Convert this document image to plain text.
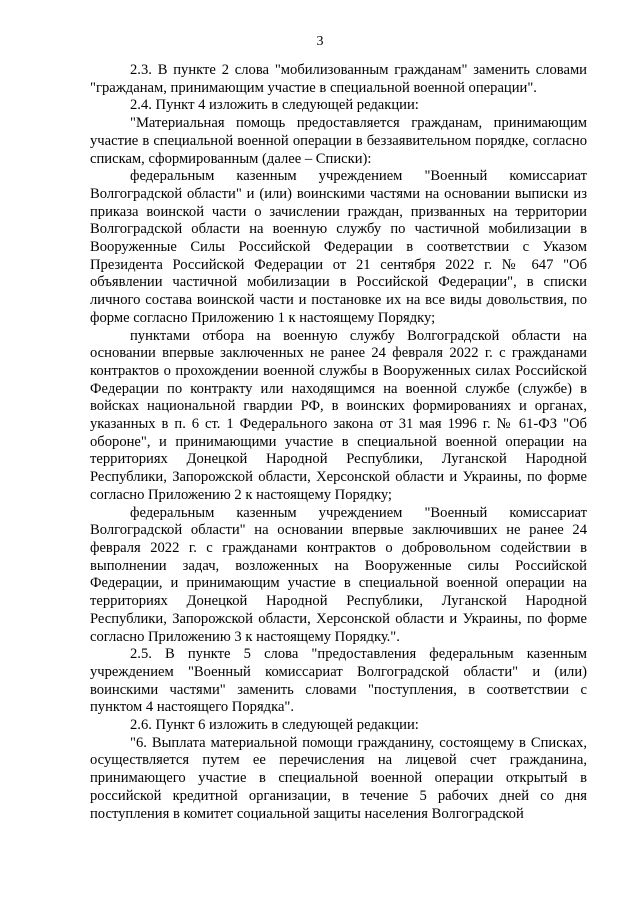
3

2.3. В пункте 2 слова "мобилизованным гражданам" заменить словами "гражданам, принимающим участие в специальной военной операции".

2.4. Пункт 4 изложить в следующей редакции:

"Материальная помощь предоставляется гражданам, принимающим участие в специальной военной операции в беззаявительном порядке, согласно спискам, сформированным (далее – Списки):

федеральным казенным учреждением "Военный комиссариат Волгоградской области" и (или) воинскими частями на основании выписки из приказа воинской части о зачислении граждан, призванных на территории Волгоградской области на военную службу по частичной мобилизации в Вооруженные Силы Российской Федерации в соответствии с Указом Президента Российской Федерации от 21 сентября 2022 г. № 647 "Об объявлении частичной мобилизации в Российской Федерации", в списки личного состава воинской части и постановке их на все виды довольствия, по форме согласно Приложению 1 к настоящему Порядку;

пунктами отбора на военную службу Волгоградской области на основании впервые заключенных не ранее 24 февраля 2022 г. с гражданами контрактов о прохождении военной службы в Вооруженных силах Российской Федерации по контракту или находящимся на военной службе (службе) в войсках национальной гвардии РФ, в воинских формированиях и органах, указанных в п. 6 ст. 1 Федерального закона от 31 мая 1996 г. № 61-ФЗ "Об обороне", и принимающими участие в специальной военной операции на территориях Донецкой Народной Республики, Луганской Народной Республики, Запорожской области, Херсонской области и Украины, по форме согласно Приложению 2 к настоящему Порядку;

федеральным казенным учреждением "Военный комиссариат Волгоградской области" на основании впервые заключивших не ранее 24 февраля 2022 г. с гражданами контрактов о добровольном содействии в выполнении задач, возложенных на Вооруженные силы Российской Федерации, и принимающим участие в специальной военной операции на территориях Донецкой Народной Республики, Луганской Народной Республики, Запорожской области, Херсонской области и Украины, по форме согласно Приложению 3 к настоящему Порядку.".

2.5. В пункте 5 слова "предоставления федеральным казенным учреждением "Военный комиссариат Волгоградской области" и (или) воинскими частями" заменить словами "поступления, в соответствии с пунктом 4 настоящего Порядка".

2.6. Пункт 6 изложить в следующей редакции:

"6. Выплата материальной помощи гражданину, состоящему в Списках, осуществляется путем ее перечисления на лицевой счет гражданина, принимающего участие в специальной военной операции открытый в российской кредитной организации, в течение 5 рабочих дней со дня поступления в комитет социальной защиты населения Волгоградской
